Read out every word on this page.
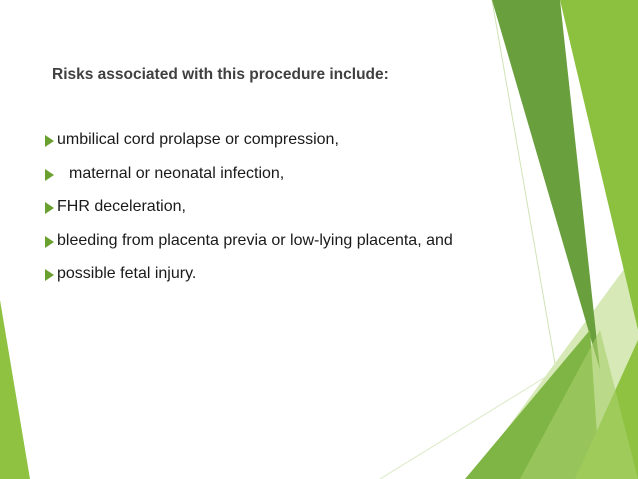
Risks associated with this procedure include:
umbilical cord prolapse or compression,
maternal or neonatal infection,
FHR deceleration,
bleeding from placenta previa or low-lying placenta, and
possible fetal injury.
